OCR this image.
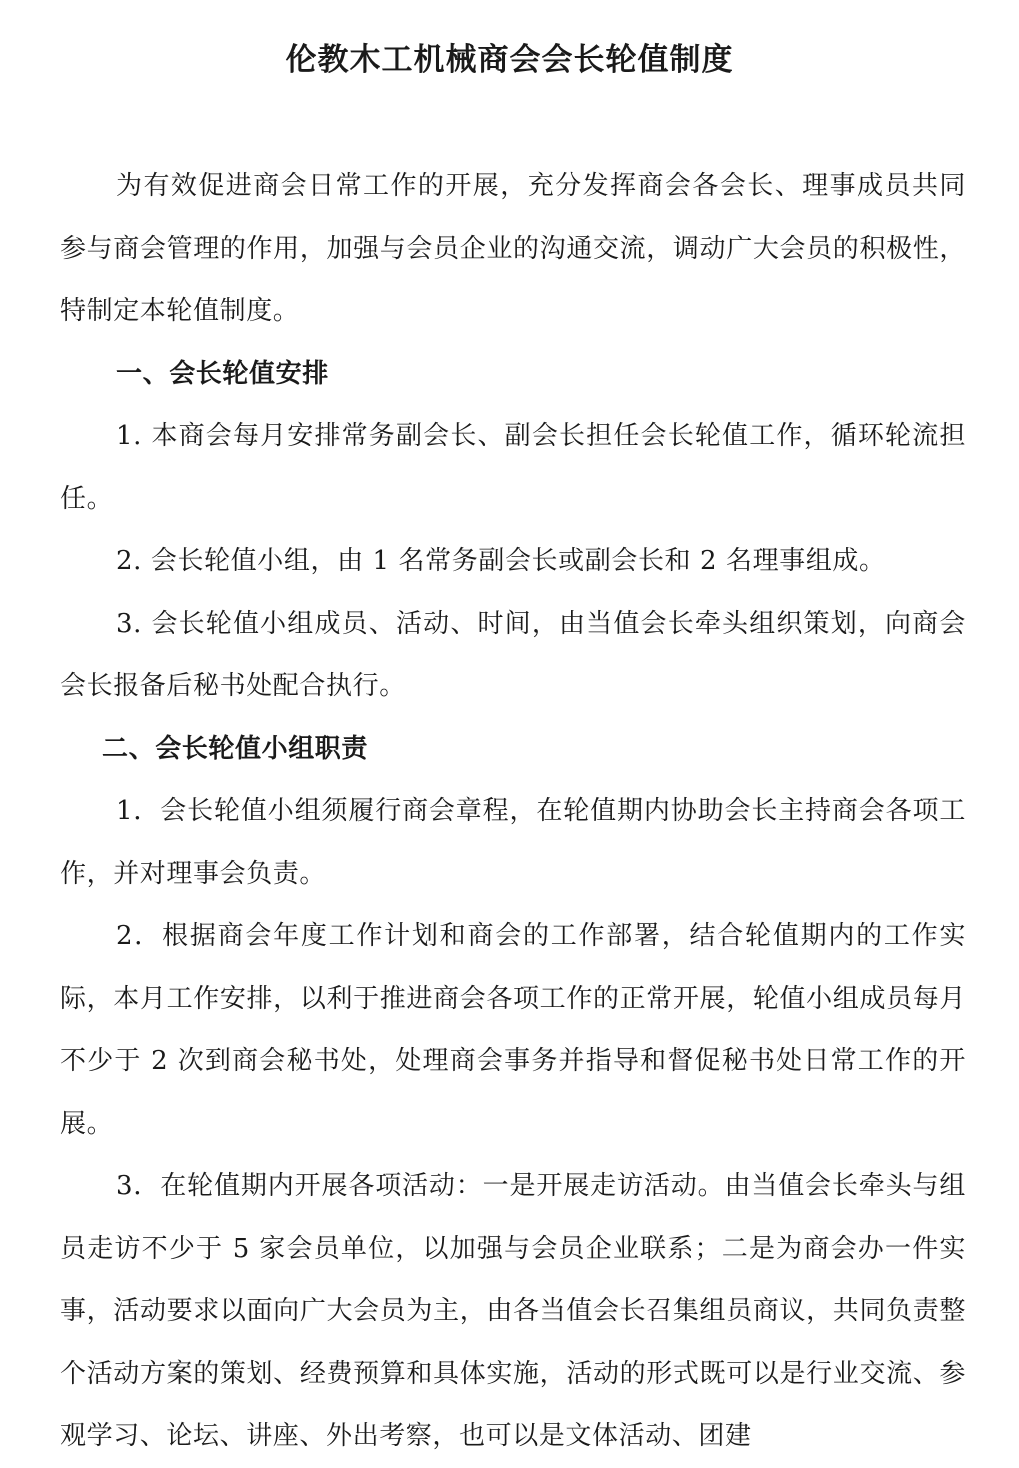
伦教木工机械商会会长轮值制度

为有效促进商会日常工作的开展，充分发挥商会各会长、理事成员共同参与商会管理的作用，加强与会员企业的沟通交流，调动广大会员的积极性，特制定本轮值制度。

一、会长轮值安排

1. 本商会每月安排常务副会长、副会长担任会长轮值工作，循环轮流担任。

2. 会长轮值小组，由 1 名常务副会长或副会长和 2 名理事组成。

3. 会长轮值小组成员、活动、时间，由当值会长牵头组织策划，向商会会长报备后秘书处配合执行。

二、会长轮值小组职责

1．会长轮值小组须履行商会章程，在轮值期内协助会长主持商会各项工作，并对理事会负责。

2．根据商会年度工作计划和商会的工作部署，结合轮值期内的工作实际，本月工作安排，以利于推进商会各项工作的正常开展，轮值小组成员每月不少于 2 次到商会秘书处，处理商会事务并指导和督促秘书处日常工作的开展。

3．在轮值期内开展各项活动：一是开展走访活动。由当值会长牵头与组员走访不少于 5 家会员单位，以加强与会员企业联系；二是为商会办一件实事，活动要求以面向广大会员为主，由各当值会长召集组员商议，共同负责整个活动方案的策划、经费预算和具体实施，活动的形式既可以是行业交流、参观学习、论坛、讲座、外出考察，也可以是文体活动、团建
